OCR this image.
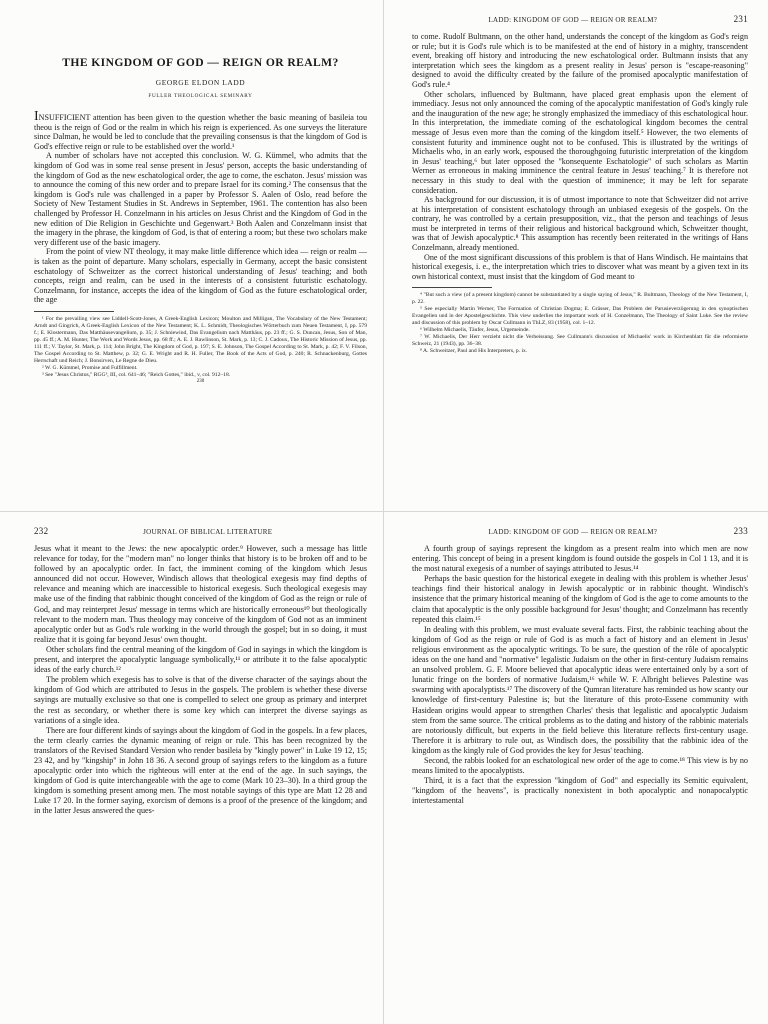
THE KINGDOM OF GOD — REIGN OR REALM?
GEORGE ELDON LADD
FULLER THEOLOGICAL SEMINARY

INSUFFICIENT attention has been given to the question whether the basic meaning of basileia tou theou is the reign of God or the realm in which his reign is experienced. As one surveys the literature since Dalman, he would be led to conclude that the prevailing consensus is that the kingdom of God is God's effective reign or rule to be established over the world.¹

A number of scholars have not accepted this conclusion. W. G. Kümmel, who admits that the kingdom of God was in some real sense present in Jesus' person, accepts the basic understanding of the kingdom of God as the new eschatological order, the age to come, the eschaton. Jesus' mission was to announce the coming of this new order and to prepare Israel for its coming.² The consensus that the kingdom is God's rule was challenged in a paper by Professor S. Aalen of Oslo, read before the Society of New Testament Studies in St. Andrews in September, 1961. The contention has also been challenged by Professor H. Conzelmann in his articles on Jesus Christ and the Kingdom of God in the new edition of Die Religion in Geschichte und Gegenwart.³ Both Aalen and Conzelmann insist that the imagery in the phrase, the kingdom of God, is that of entering a room; but these two scholars make very different use of the basic imagery.

From the point of view NT theology, it may make little difference which idea — reign or realm — is taken as the point of departure. Many scholars, especially in Germany, accept the basic consistent eschatology of Schweitzer as the correct historical understanding of Jesus' teaching; and both concepts, reign and realm, can be used in the interests of a consistent futuristic eschatology. Conzelmann, for instance, accepts the idea of the kingdom of God as the future eschatological order, the age

¹ For the prevailing view see Liddell-Scott-Jones, A Greek-English Lexicon; Moulton and Milligan, The Vocabulary of the New Testament; Arndt and Gingrich, A Greek-English Lexicon of the New Testament; K. L. Schmidt, Theologisches Wörterbuch zum Neuen Testament, I, pp. 579 f.; E. Klostermann, Das Matthäusevangelium, p. 35; J. Schniewind, Das Evangelium nach Matthäus, pp. 23 ff.; G. S. Duncan, Jesus, Son of Man, pp. 45 ff.; A. M. Hunter, The Work and Words Jesus, pp. 68 ff.; A. E. J. Rawlinson, St. Mark, p. 13; C. J. Cadoux, The Historic Mission of Jesus, pp. 111 ff.; V. Taylor, St. Mark, p. 114; John Bright, The Kingdom of God, p. 197; S. E. Johnson, The Gospel According to St. Mark, p. 42; F. V. Filson, The Gospel According to St. Matthew, p. 32; G. E. Wright and R. H. Fuller, The Book of the Acts of God, p. 240; R. Schnackenburg, Gottes Herrschaft und Reich; J. Bonsirven, Le Regne de Dieu.

² W. G. Kümmel, Promise and Fulfillment.

³ See "Jesus Christus," RGG³, III, col. 641–46; "Reich Gottes," ibid., v, col. 912–18.

230
LADD: KINGDOM OF GOD — REIGN OR REALM?	231

to come. Rudolf Bultmann, on the other hand, understands the concept of the kingdom as God's reign or rule; but it is God's rule which is to be manifested at the end of history in a mighty, transcendent event, breaking off history and introducing the new eschatological order. Bultmann insists that any interpretation which sees the kingdom as a present reality in Jesus' person is "escape-reasoning" designed to avoid the difficulty created by the failure of the promised apocalyptic manifestation of God's rule.⁴

Other scholars, influenced by Bultmann, have placed great emphasis upon the element of immediacy. Jesus not only announced the coming of the apocalyptic manifestation of God's kingly rule and the inauguration of the new age; he strongly emphasized the immediacy of this eschatological hour. In this interpretation, the immediate coming of the eschatological kingdom becomes the central message of Jesus even more than the coming of the kingdom itself.⁵ However, the two elements of consistent futurity and imminence ought not to be confused. This is illustrated by the writings of Michaelis who, in an early work, espoused the thoroughgoing futuristic interpretation of the kingdom in Jesus' teaching,⁶ but later opposed the "konsequente Eschatologie" of such scholars as Martin Werner as erroneous in making imminence the central feature in Jesus' teaching.⁷ It is therefore not necessary in this study to deal with the question of imminence; it may be left for separate consideration.

As background for our discussion, it is of utmost importance to note that Schweitzer did not arrive at his interpretation of consistent eschatology through an unbiased exegesis of the gospels. On the contrary, he was controlled by a certain presupposition, viz., that the person and teachings of Jesus must be interpreted in terms of their religious and historical background which, Schweitzer thought, was that of Jewish apocalyptic.⁸ This assumption has recently been reiterated in the writings of Hans Conzelmann, already mentioned.

One of the most significant discussions of this problem is that of Hans Windisch. He maintains that historical exegesis, i. e., the interpretation which tries to discover what was meant by a given text in its own historical context, must insist that the kingdom of God meant to

⁴ "But such a view (of a present kingdom) cannot be substantiated by a single saying of Jesus," R. Bultmann, Theology of the New Testament, I, p. 22.

⁵ See especially Martin Werner, The Formation of Christian Dogma; E. Grässer, Das Problem der Parusieverzögerung in den synoptischen Evangelien und in der Apostelgeschichte. This view underlies the important work of H. Conzelmann, The Theology of Saint Luke. See the review and discussion of this problem by Oscar Cullmann in ThLZ, 83 (1958), col. 1–12.

⁶ Wilhelm Michaelis, Täufer, Jesus, Urgemeinde.

⁷ W. Michaelis, Der Herr verzieht nicht die Verheissung. See Cullmann's discussion of Michaelis' work in Kirchenblatt für die reformierte Schweiz, 21 (1943), pp. 36–38.

⁸ A. Schweitzer, Paul and His Interpreters, p. ix.

232	JOURNAL OF BIBLICAL LITERATURE

Jesus what it meant to the Jews: the new apocalyptic order.⁹ However, such a message has little relevance for today, for the "modern man" no longer thinks that history is to be broken off and to be followed by an apocalyptic order. In fact, the imminent coming of the kingdom which Jesus announced did not occur. However, Windisch allows that theological exegesis may find depths of relevance and meaning which are inaccessible to historical exegesis. Such theological exegesis may make use of the finding that rabbinic thought conceived of the kingdom of God as the reign or rule of God, and may reinterpret Jesus' message in terms which are historically erroneous¹⁰ but theologically relevant to the modern man. Thus theology may conceive of the kingdom of God not as an imminent apocalyptic order but as God's rule working in the world through the gospel; but in so doing, it must realize that it is going far beyond Jesus' own thought.

Other scholars find the central meaning of the kingdom of God in sayings in which the kingdom is present, and interpret the apocalyptic language symbolically,¹¹ or attribute it to the false apocalyptic ideas of the early church.¹²

The problem which exegesis has to solve is that of the diverse character of the sayings about the kingdom of God which are attributed to Jesus in the gospels. The problem is whether these diverse sayings are mutually exclusive so that one is compelled to select one group as primary and interpret the rest as secondary, or whether there is some key which can interpret the diverse sayings as variations of a single idea.

There are four different kinds of sayings about the kingdom of God in the gospels. In a few places, the term clearly carries the dynamic meaning of reign or rule. This has been recognized by the translators of the Revised Standard Version who render basileia by "kingly power" in Luke 19 12, 15; 23 42, and by "kingship" in John 18 36. A second group of sayings refers to the kingdom as a future apocalyptic order into which the righteous will enter at the end of the age. In such sayings, the kingdom of God is quite interchangeable with the age to come (Mark 10 23–30). In a third group the kingdom is something present among men. The most notable sayings of this type are Matt 12 28 and Luke 17 20. In the former saying, exorcism of demons is a proof of the presence of the kingdom; and in the latter Jesus answered the ques-

LADD: KINGDOM OF GOD — REIGN OR REALM?	233

A fourth group of sayings represent the kingdom as a present realm into which men are now entering. This concept of being in a present kingdom is found outside the gospels in Col 1 13, and it is the most natural exegesis of a number of sayings attributed to Jesus.¹⁴

Perhaps the basic question for the historical exegete in dealing with this problem is whether Jesus' teachings find their historical analogy in Jewish apocalyptic or in rabbinic thought. Windisch's insistence that the primary historical meaning of the kingdom of God is the age to come amounts to the claim that apocalyptic is the only possible background for Jesus' thought; and Conzelmann has recently repeated this claim.¹⁵

In dealing with this problem, we must evaluate several facts. First, the rabbinic teaching about the kingdom of God as the reign or rule of God is as much a fact of history and an element in Jesus' religious environment as the apocalyptic writings. To be sure, the question of the rôle of apocalyptic ideas on the one hand and "normative" legalistic Judaism on the other in first-century Judaism remains an unsolved problem. G. F. Moore believed that apocalyptic ideas were entertained only by a sort of lunatic fringe on the borders of normative Judaism,¹⁶ while W. F. Albright believes Palestine was swarming with apocalyptists.¹⁷ The discovery of the Qumran literature has reminded us how scanty our knowledge of first-century Palestine is; but the literature of this proto-Essene community with Hasidean origins would appear to strengthen Charles' thesis that legalistic and apocalyptic Judaism stem from the same source. The critical problems as to the dating and history of the rabbinic materials are notoriously difficult, but experts in the field believe this literature reflects first-century usage. Therefore it is arbitrary to rule out, as Windisch does, the possibility that the rabbinic idea of the kingdom as the kingly rule of God provides the key for Jesus' teaching.

Second, the rabbis looked for an eschatological new order of the age to come.¹⁸ This view is by no means limited to the apocalyptists.

Third, it is a fact that the expression "kingdom of God" and especially its Semitic equivalent, "kingdom of the heavens", is practically nonexistent in both apocalyptic and nonapocalyptic intertestamental
